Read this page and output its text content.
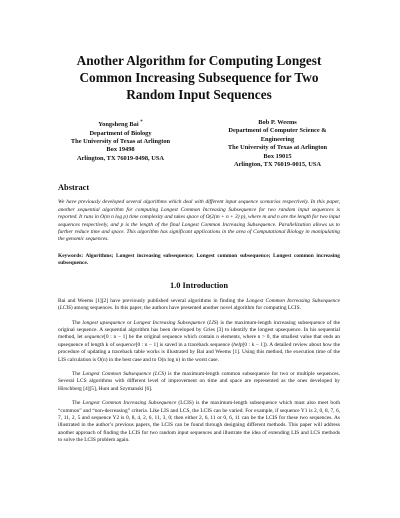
Another Algorithm for Computing Longest Common Increasing Subsequence for Two Random Input Sequences
Yongsheng Bai *
Department of Biology
The University of Texas at Arlington
Box 19498
Arlington, TX 76019-0498, USA
Bob P. Weems
Department of Computer Science &
Engineering
The University of Texas at Arlington
Box 19015
Arlington, TX 76019-0015, USA
Abstract

We have previously developed several algorithms which deal with different input sequence scenarios respectively. In this paper, another sequential algorithm for computing Longest Common Increasing Subsequence for two random input sequences is reported. It runs in O(m n log p) time complexity and takes space of O(2(m + n + 3) p), where m and n are the length for two input sequences respectively, and p is the length of the final Longest Common Increasing Subsequence. Parallelization allows us to further reduce time and space. This algorithm has significant applications in the area of Computational Biology in manipulating the genomic sequences.

Keywords: Algorithms; Longest increasing subsequence; Longest common subsequence; Longest common increasing subsequence.

1.0 Introduction

Bai and Weems [1][2] have previously published several algorithms in finding the Longest Common Increasing Subsequence (LCIS) among sequences. In this paper, the authors have presented another novel algorithm for computing LCIS.

The longest upsequence or Longest Increasing Subsequence (LIS) is the maximum-length increasing subsequence of the original sequence. A sequential algorithm has been developed by Gries [3] to identify the longest upsequence. In his sequential method, let sequence[0 : n − 1] be the original sequence which contain n elements, where n > 0, the smallest value that ends an upsequence of length k of sequence[0 : n − 1] is saved in a traceback sequence (help[0 : k − 1]). A detailed review about how the procedure of updating a traceback table works is illustrated by Bai and Weems [1]. Using this method, the execution time of the LIS calculation is O(n) in the best case and to O(n log n) in the worst case.

The Longest Common Subsequence (LCS) is the maximum-length common subsequence for two or multiple sequences. Several LCS algorithms with different level of improvement on time and space are represented as the ones developed by Hirschberg [4][5], Hunt and Szymanski [6].

The Longest Common Increasing Subsequence (LCIS) is the maximum-length subsequence which must also meet both “common” and “non-decreasing” criteria. Like LIS and LCS, the LCIS can be varied. For example, if sequence Y1 is 2, 0, 8, 7, 6, 7, 11, 2, 5 and sequence Y2 is 0, 8, 4, 2, 6, 11, 3, 0; then either 2, 6, 11 or 0, 6, 11 can be the LCIS for these two sequences. As illustrated in the author’s previous papers, the LCIS can be found through designing different methods. This paper will address another approach of finding the LCIS for two random input sequences and illustrate the idea of extending LIS and LCS methods to solve the LCIS problem again.
